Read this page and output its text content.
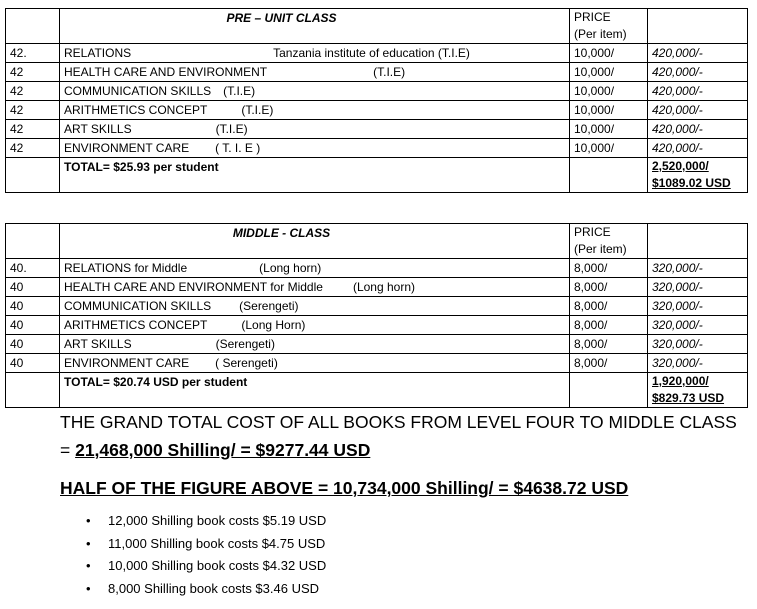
	PRE – UNIT CLASS	PRICE
(Per item)	

42.	RELATIONS Tanzania institute of education (T.I.E)	10,000/	420,000/-
42	HEALTH CARE AND ENVIRONMENT (T.I.E)	10,000/	420,000/-
42	COMMUNICATION SKILLS (T.I.E)	10,000/	420,000/-
42	ARITHMETICS CONCEPT (T.I.E)	10,000/	420,000/-
42	ART SKILLS (T.I.E)	10,000/	420,000/-
42	ENVIRONMENT CARE ( T. I. E )	10,000/	420,000/-
	TOTAL= $25.93 per student		2,520,000/
$1089.02 USD

	MIDDLE - CLASS	PRICE
(Per item)	

40.	RELATIONS for Middle (Long horn)	8,000/	320,000/-
40	HEALTH CARE AND ENVIRONMENT for Middle (Long horn)	8,000/	320,000/-
40	COMMUNICATION SKILLS (Serengeti)	8,000/	320,000/-
40	ARITHMETICS CONCEPT (Long Horn)	8,000/	320,000/-
40	ART SKILLS (Serengeti)	8,000/	320,000/-
40	ENVIRONMENT CARE ( Serengeti)	8,000/	320,000/-
	TOTAL= $20.74 USD per student		1,920,000/
$829.73 USD
THE GRAND TOTAL COST OF ALL BOOKS FROM LEVEL FOUR TO MIDDLE CLASS = 21,468,000 Shilling/ = $9277.44 USD
HALF OF THE FIGURE ABOVE = 10,734,000 Shilling/ = $4638.72 USD
• 12,000 Shilling book costs $5.19 USD
• 11,000 Shilling book costs $4.75 USD
• 10,000 Shilling book costs $4.32 USD
• 8,000 Shilling book costs $3.46 USD
